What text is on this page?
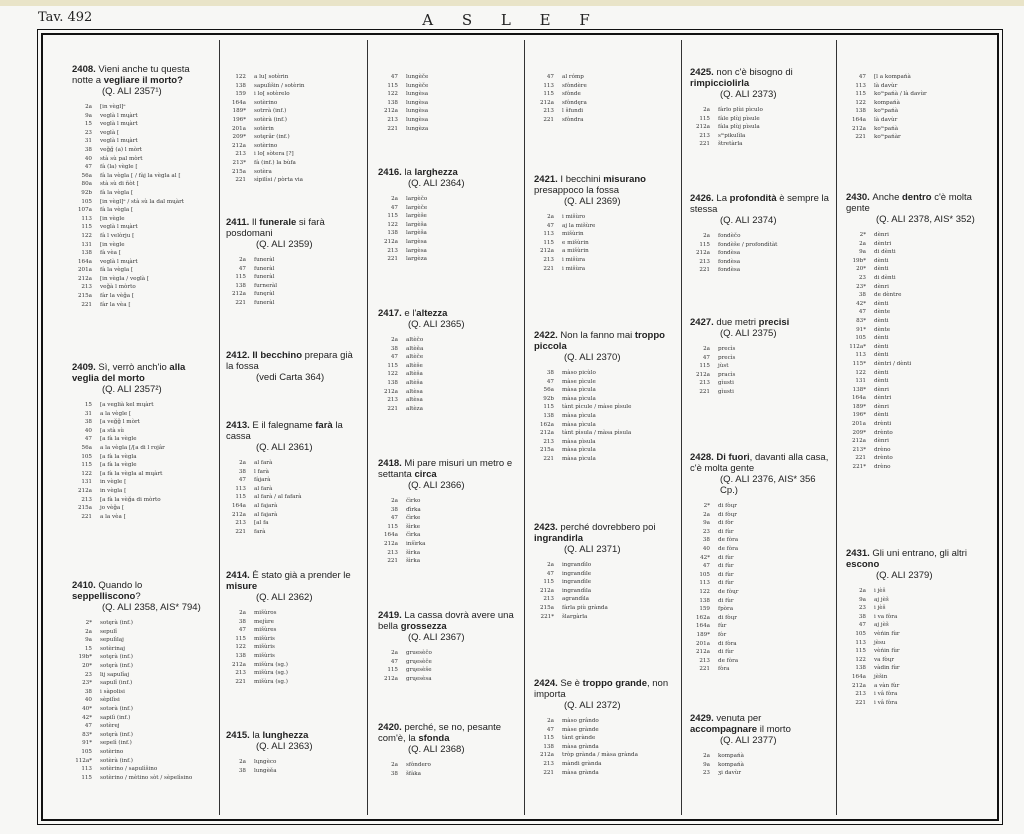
Tav. 492	A S L E F
2408. Vieni anche tu questa notte a vegliare il morto?
(Q. ALI 2357¹)
2a	[in vègl]ᵉ
9a	veglà l mųàrt
15	veglà l mųàrt
23	veglà [
31	veglà l mųàrt
38	veğğ (a) l mòrt
40	stà sù pal mòrt
47	fà (la) vègle [
56a	fà la vègla [ / fàj la vègla al [
80a	stà sù di ñòt [
92b	fà la vègla [
105	[in vègl]ᵉ / stà sù la dal mųàrt
107a	fà la vègla [
113	[in vègle
115	veglà l mųàrt
122	fà l velòrju [
131	[in vègle
138	fà vèa [
164a	veglà l mųàrt
201a	fà la vègla [
212a	[in vègla / veglà [
213	veğà l mòrto
215a	fàr la vèğa [
221	fàr la vèa [
2409. Sì, verrò anch'io alla veglia del morto
(Q. ALI 2357²)
15	[a veglià kel mųàrt
31	a la vègle [
38	[a veğğ l mòrt
40	[a stà sù
47	[a fà la vègle
56a	a la vègla [/[a di l rojâr
105	[a fà la vègla
115	[a fà la vègle
122	[a fà la vègla al mųàrt
131	in vègle [
212a	in vègla [
213	[a fà la vèğa di mòrto
215a	jo vèğa [
221	a la vèa [
2410. Quando lo seppelliscono?
(Q. ALI 2358, AIS* 794)
2*	sotęrà (inf.)
2a	sepulî
9a	sepulìlaj
15	sotèrinaj
19b*	sotęrà (inf.)
20*	sotęrà (inf.)
23	lij sapulîaj
23*	sapulî (inf.)
38	i sàpolisi
40	sèpilìsi
40*	sotərà (inf.)
42*	sapilì (inf.)
47	sotèrej
83*	sotęrà (inf.)
91*	sepelì (inf.)
105	sotèrino
112a*	sotèrà (inf.)
113	sotèrino / sapulìšino
115	sotèrino / mètino sòt / sèpelìsino
2411. Il funerale si farà posdomani
(Q. ALI 2359)
2a	funeràl
47	funeràl
115	funeràl
138	furneràl
212a	funęràl
221	funeràl
2412. Il becchino prepara già la fossa
(vedi Carta 364)
2413. E il falegname farà la cassa
(Q. ALI 2361)
2a	al farà
38	l farà
47	fàjarà
113	al farà
115	al farà / al fafarà
164a	al fajarà
212a	al fajarà
213	[al fa
221	farà
2414. È stato già a prender le misure
(Q. ALI 2362)
2a	mišùros
38	mejùre
47	mišùres
115	mišùris
122	mišùris
138	mišùris
212a	mišùra (sg.)
213	mišùra (sg.)
221	mišùra (sg.)
2415. la lunghezza
(Q. ALI 2363)
2a	lųngèco
38	lungèěa
122	a lu[ sotèrin
138	sapulìšin / sotèrin
159	i lo[ sotèrelo
164a	sotèrino
189*	sotrrà (inf.)
196*	sotèrà (inf.)
201a	sotèrin
209*	sotęrâr (inf.)
212a	sotèrino
213	i lo[ sòtera [?]
213*	fà (inf.) la bùfa
215a	sotèra
221	sìpilìsi / pòrta via
47	lungèče
115	lungèče
122	lungèsa
138	lungèsa
212a	lungèsa
213	lungèsa
221	lungèza
2416. la larghezza
(Q. ALI 2364)
2a	largèčo
47	largèče
115	largèše
122	largèša
138	largèša
212a	largèsa
213	largèsa
221	largèza
2417. e l'altezza
(Q. ALI 2365)
2a	altèčo
38	altèěa
47	altèče
115	altèše
122	altèša
138	altèša
212a	altèsa
213	altèsa
221	altèza
2418. Mi pare misuri un metro e settanta circa
(Q. ALI 2366)
2a	čìrko
38	ďìrka
47	čìrke
115	šìrke
164a	čìrka
212a	inšìrka
213	šìrka
221	šìrka
2419. La cassa dovrà avere una bella grossezza
(Q. ALI 2367)
2a	gruesèčo
47	grųesèče
115	grųesèše
212a	grųesèsa
2420. perché, se no, pesante com'è, la sfonda
(Q. ALI 2368)
2a	sfòndero
38	šfàka
47	al rómp
113	sfòndère
115	sfònde
212a	sfòndęra
213	l šfundi
221	sfòndra
2421. I becchini misurano presappoco la fossa
(Q. ALI 2369)
2a	i mišùro
47	aj la mišùre
113	mišùrin
115	e mišùrin
212a	a mišùrin
213	i mišùra
221	i mišùra
2422. Non la fanno mai troppo piccola
(Q. ALI 2370)
38	màso picùlo
47	màse pìcule
56a	màsa pìcula
92b	màsa pìcula
115	tànt pìcule / màse pìsule
138	màsa pìcula
162a	màsa pìcula
212a	tànt pìsula / màsa pìsula
213	màsa pìsula
215a	màsa pìcula
221	màsa pìcula
2423. perché dovrebbero poi ingrandirla
(Q. ALI 2371)
2a	ingrandìlo
47	ingrandìle
115	ingrandìle
212a	ingrandìla
213	agrandìla
215a	fàrla più grànda
221*	šlargàrla
2424. Se è troppo grande, non importa
(Q. ALI 2372)
2a	màso grândo
47	màse grànde
115	tànt grànde
138	màsa grànda
212a	tròp grànda / màsa grànda
213	màndi grànda
221	màsa grànda
2425. non c'è bisogno di rimpicciolirla
(Q. ALI 2373)
2a	fàrlo plùi pìculo
115	fàle plùj pìsule
212a	fàla plùj pìsula
213	sᵐpikulìla
221	štretàrla
2426. La profondità è sempre la stessa
(Q. ALI 2374)
2a	fondèčo
115	fondèše / profondìtàt
212a	fondèsa
213	fondèsa
221	fondèsa
2427. due metri precisi
(Q. ALI 2375)
2a	precìs
47	precìs
115	jùst
212a	pracìs
213	gìusti
221	gìusti
2428. Di fuori, davanti alla casa, c'è molta gente
(Q. ALI 2376, AIS* 356 Cp.)
2*	di fòųr
2a	di fòųr
9a	di fòr
23	di fùr
38	de fòra
40	de fòra
42*	di fùr
47	di fùr
105	di fùr
113	di fùr
122	de fòųr
138	di fùr
159	fpòra
162a	di fòųr
164a	fùr
189*	fòr
201a	di fòra
212a	di fùr
213	de fòra
221	fòra
2429. venuta per accompagnare il morto
(Q. ALI 2377)
2a	kompańà
9a	kompańà
23	ʒi davùr
47	[l a kompańà
113	là davùr
115	koᵐpańà / là davùr
122	kompańà
138	koᵐpańà
164a	là davùr
212a	koᵐpańà
221	koᵐpańàr
2430. Anche dentro c'è molta gente
(Q. ALI 2378, AIS* 352)
2*	dènri
2a	dèntri
9a	di dènti
19b*	dènti
20*	dènti
23	di dènti
23*	dènri
38	de dèntre
42*	dènti
47	dènte
83*	dènti
91*	dènte
105	dènti
112a*	dènti
113	dènti
115*	dèntri / dènti
122	dènti
131	dènti
138*	dènri
164a	dèntri
189*	dènri
196*	dènti
201a	drènti
209*	drènto
212a	dènri
213*	drèno
221	drènto
221*	drèno
2431. Gli uni entrano, gli altri escono
(Q. ALI 2379)
2a	i jèš
9a	aj jèš
23	i jèš
38	i va fòra
47	aj jèš
105	vèńin fùr
113	jèsu
115	vèńin fùr
122	va fòųr
138	vàdin fùr
164a	jèšin
212a	a vàn fùr
213	i vâ fòra
221	i vâ fòra
